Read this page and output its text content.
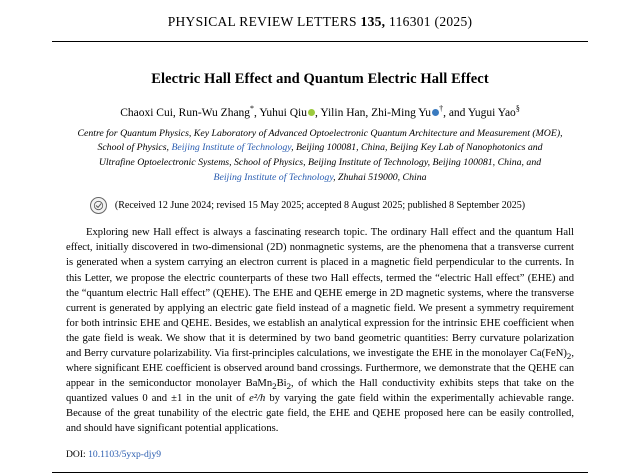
PHYSICAL REVIEW LETTERS 135, 116301 (2025)
Electric Hall Effect and Quantum Electric Hall Effect
Chaoxi Cui, Run-Wu Zhang*, Yuhui Qiu , Yilin Han, Zhi-Ming Yu †, and Yugui Yao§
Centre for Quantum Physics, Key Laboratory of Advanced Optoelectronic Quantum Architecture and Measurement (MOE),
School of Physics, Beijing Institute of Technology, Beijing 100081, China, Beijing Key Lab of Nanophotonics and
Ultrafine Optoelectronic Systems, School of Physics, Beijing Institute of Technology, Beijing 100081, China, and
Beijing Institute of Technology, Zhuhai 519000, China
(Received 12 June 2024; revised 15 May 2025; accepted 8 August 2025; published 8 September 2025)
Exploring new Hall effect is always a fascinating research topic. The ordinary Hall effect and the quantum Hall effect, initially discovered in two-dimensional (2D) nonmagnetic systems, are the phenomena that a transverse current is generated when a system carrying an electron current is placed in a magnetic field perpendicular to the currents. In this Letter, we propose the electric counterparts of these two Hall effects, termed the “electric Hall effect” (EHE) and the “quantum electric Hall effect” (QEHE). The EHE and QEHE emerge in 2D magnetic systems, where the transverse current is generated by applying an electric gate field instead of a magnetic field. We present a symmetry requirement for both intrinsic EHE and QEHE. Besides, we establish an analytical expression for the intrinsic EHE coefficient when the gate field is weak. We show that it is determined by two band geometric quantities: Berry curvature polarization and Berry curvature polarizability. Via first-principles calculations, we investigate the EHE in the monolayer $Ca(FeN)_2$, where significant EHE coefficient is observed around band crossings. Furthermore, we demonstrate that the QEHE can appear in the semiconductor monolayer $BaMn_2Bi_2$, of which the Hall conductivity exhibits steps that take on the quantized values 0 and ±1 in the unit of e²/h by varying the gate field within the experimentally achievable range. Because of the great tunability of the electric gate field, the EHE and QEHE proposed here can be easily controlled, and should have significant potential applications.
DOI: 10.1103/5yxp-djy9
